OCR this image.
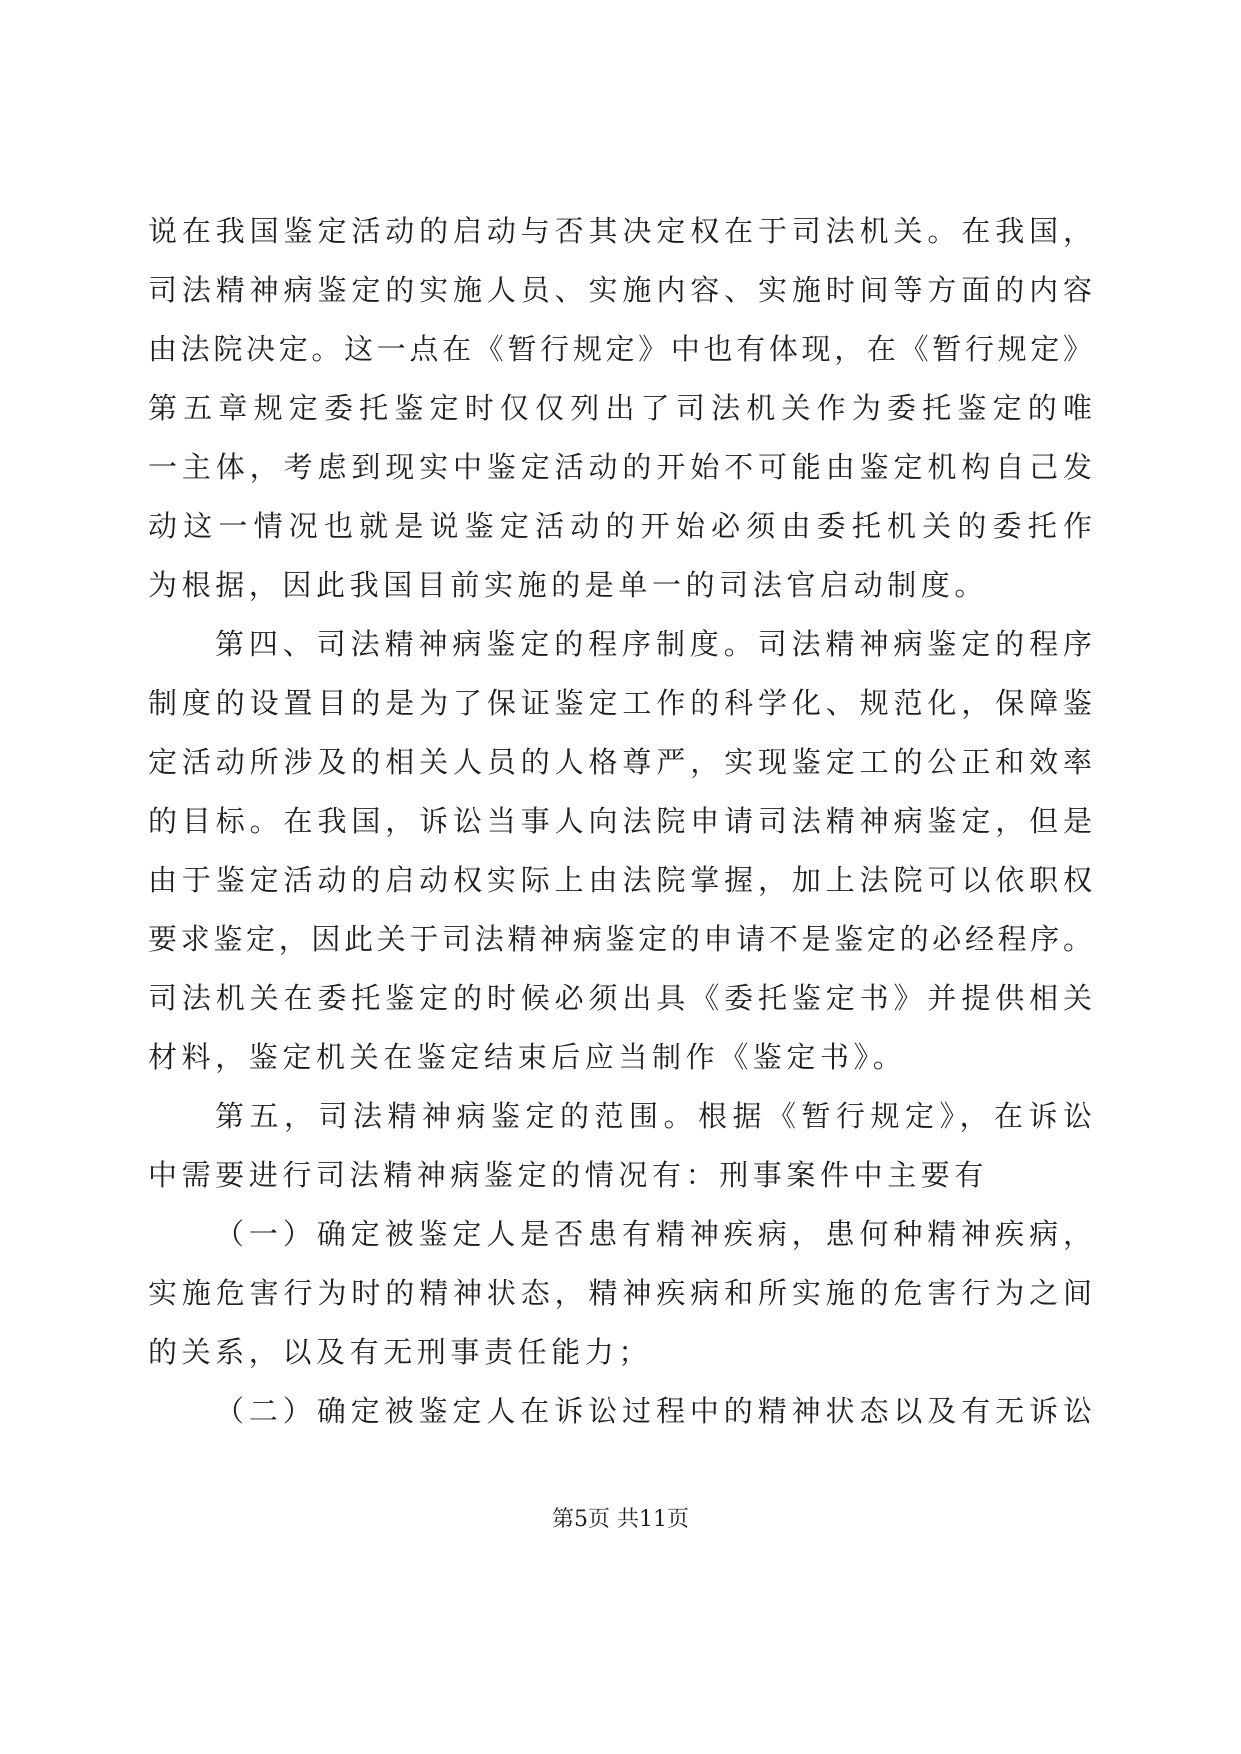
说在我国鉴定活动的启动与否其决定权在于司法机关。在我国，
司法精神病鉴定的实施人员、实施内容、实施时间等方面的内容
由法院决定。这一点在《暂行规定》中也有体现，在《暂行规定》
第五章规定委托鉴定时仅仅列出了司法机关作为委托鉴定的唯
一主体，考虑到现实中鉴定活动的开始不可能由鉴定机构自己发
动这一情况也就是说鉴定活动的开始必须由委托机关的委托作
为根据，因此我国目前实施的是单一的司法官启动制度。
第四、司法精神病鉴定的程序制度。司法精神病鉴定的程序
制度的设置目的是为了保证鉴定工作的科学化、规范化，保障鉴
定活动所涉及的相关人员的人格尊严，实现鉴定工的公正和效率
的目标。在我国，诉讼当事人向法院申请司法精神病鉴定，但是
由于鉴定活动的启动权实际上由法院掌握，加上法院可以依职权
要求鉴定，因此关于司法精神病鉴定的申请不是鉴定的必经程序。
司法机关在委托鉴定的时候必须出具《委托鉴定书》并提供相关
材料，鉴定机关在鉴定结束后应当制作《鉴定书》。
第五，司法精神病鉴定的范围。根据《暂行规定》，在诉讼
中需要进行司法精神病鉴定的情况有：刑事案件中主要有
（一）确定被鉴定人是否患有精神疾病，患何种精神疾病，
实施危害行为时的精神状态，精神疾病和所实施的危害行为之间
的关系，以及有无刑事责任能力；
（二）确定被鉴定人在诉讼过程中的精神状态以及有无诉讼
第5页 共11页
